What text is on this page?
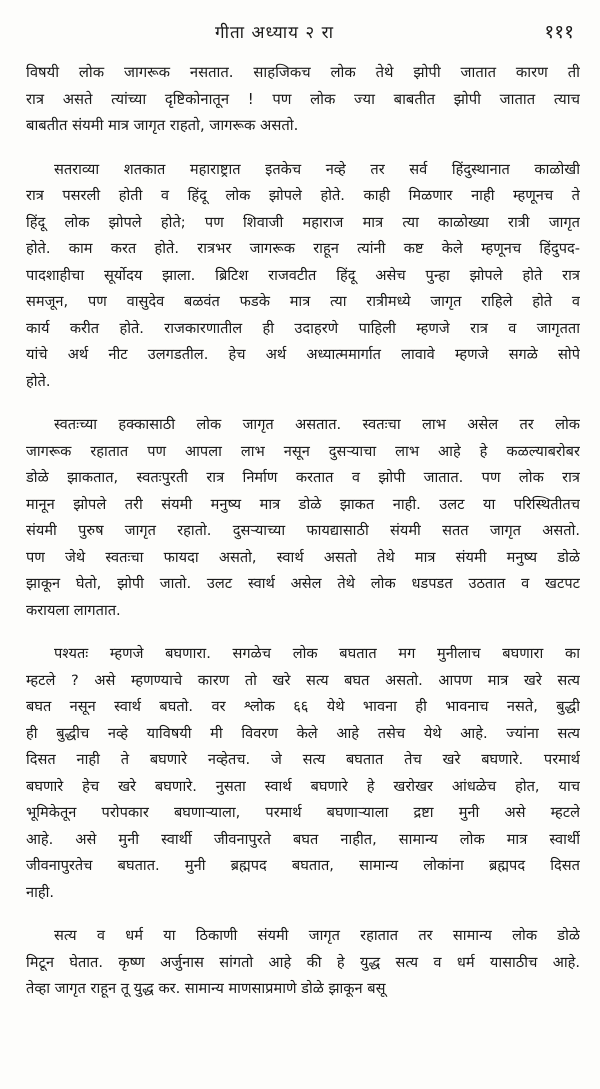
गीता अध्याय २ रा	१११
विषयी लोक जागरूक नसतात. साहजिकच लोक तेथे झोपी जातात कारण ती
रात्र असते त्यांच्या दृष्टिकोनातून ! पण लोक ज्या बाबतीत झोपी जातात त्याच
बाबतीत संयमी मात्र जागृत राहतो, जागरूक असतो.
सतराव्या शतकात महाराष्ट्रात इतकेच नव्हे तर सर्व हिंदुस्थानात काळोखी
रात्र पसरली होती व हिंदू लोक झोपले होते. काही मिळणार नाही म्हणूनच ते
हिंदू लोक झोपले होते; पण शिवाजी महाराज मात्र त्या काळोख्या रात्री जागृत
होते. काम करत होते. रात्रभर जागरूक राहून त्यांनी कष्ट केले म्हणूनच हिंदुपद-
पादशाहीचा सूर्योदय झाला. ब्रिटिश राजवटीत हिंदू असेच पुन्हा झोपले होते रात्र
समजून, पण वासुदेव बळवंत फडके मात्र त्या रात्रीमध्ये जागृत राहिले होते व
कार्य करीत होते. राजकारणातील ही उदाहरणे पाहिली म्हणजे रात्र व जागृतता
यांचे अर्थ नीट उलगडतील. हेच अर्थ अध्यात्ममार्गात लावावे म्हणजे सगळे सोपे
होते.
स्वतःच्या हक्कासाठी लोक जागृत असतात. स्वतःचा लाभ असेल तर लोक
जागरूक रहातात पण आपला लाभ नसून दुसऱ्याचा लाभ आहे हे कळल्याबरोबर
डोळे झाकतात, स्वतःपुरती रात्र निर्माण करतात व झोपी जातात. पण लोक रात्र
मानून झोपले तरी संयमी मनुष्य मात्र डोळे झाकत नाही. उलट या परिस्थितीतच
संयमी पुरुष जागृत रहातो. दुसऱ्याच्या फायद्यासाठी संयमी सतत जागृत असतो.
पण जेथे स्वतःचा फायदा असतो, स्वार्थ असतो तेथे मात्र संयमी मनुष्य डोळे
झाकून घेतो, झोपी जातो. उलट स्वार्थ असेल तेथे लोक धडपडत उठतात व खटपट
करायला लागतात.
पश्यतः म्हणजे बघणारा. सगळेच लोक बघतात मग मुनीलाच बघणारा का
म्हटले ? असे म्हणण्याचे कारण तो खरे सत्य बघत असतो. आपण मात्र खरे सत्य
बघत नसून स्वार्थ बघतो. वर श्लोक ६६ येथे भावना ही भावनाच नसते, बुद्धी
ही बुद्धीच नव्हे याविषयी मी विवरण केले आहे तसेच येथे आहे. ज्यांना सत्य
दिसत नाही ते बघणारे नव्हेतच. जे सत्य बघतात तेच खरे बघणारे. परमार्थ
बघणारे हेच खरे बघणारे. नुसता स्वार्थ बघणारे हे खरोखर आंधळेच होत, याच
भूमिकेतून परोपकार बघणाऱ्याला, परमार्थ बघणाऱ्याला द्रष्टा मुनी असे म्हटले
आहे. असे मुनी स्वार्थी जीवनापुरते बघत नाहीत, सामान्य लोक मात्र स्वार्थी
जीवनापुरतेच बघतात. मुनी ब्रह्मपद बघतात, सामान्य लोकांना ब्रह्मपद दिसत
नाही.
सत्य व धर्म या ठिकाणी संयमी जागृत रहातात तर सामान्य लोक डोळे
मिटून घेतात. कृष्ण अर्जुनास सांगतो आहे की हे युद्ध सत्य व धर्म यासाठीच आहे.
तेव्हा जागृत राहून तू युद्ध कर. सामान्य माणसाप्रमाणे डोळे झाकून बसू
